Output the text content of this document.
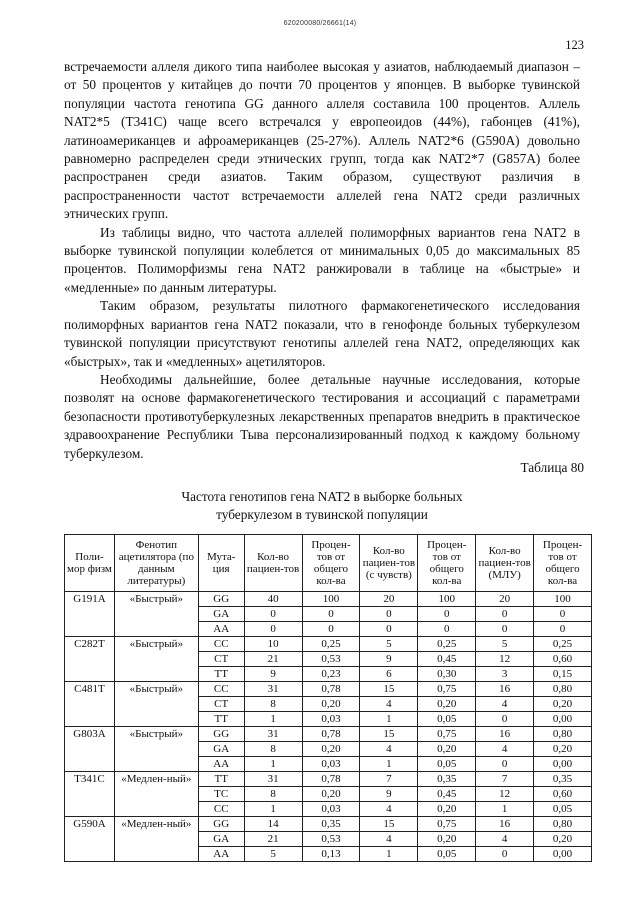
620200080/26661(14)
123

встречаемости аллеля дикого типа наиболее высокая у азиатов, наблюдаемый диапазон – от 50 процентов у китайцев до почти 70 процентов у японцев. В выборке тувинской популяции частота генотипа GG данного аллеля составила 100 процентов. Аллель NAT2*5 (T341C) чаще всего встречался у европеоидов (44%), габонцев (41%), латиноамериканцев и афроамериканцев (25-27%). Аллель NAT2*6 (G590A) довольно равномерно распределен среди этнических групп, тогда как NAT2*7 (G857A) более распространен среди азиатов. Таким образом, существуют различия в распространенности частот встречаемости аллелей гена NAT2 среди различных этнических групп.

Из таблицы видно, что частота аллелей полиморфных вариантов гена NAT2 в выборке тувинской популяции колеблется от минимальных 0,05 до максимальных 85 процентов. Полиморфизмы гена NAT2 ранжировали в таблице на «быстрые» и «медленные» по данным литературы.

Таким образом, результаты пилотного фармакогенетического исследования полиморфных вариантов гена NAT2 показали, что в генофонде больных туберкулезом тувинской популяции присутствуют генотипы аллелей гена NAT2, определяющих как «быстрых», так и «медленных» ацетиляторов.

Необходимы дальнейшие, более детальные научные исследования, которые позволят на основе фармакогенетического тестирования и ассоциаций с параметрами безопасности противотуберкулезных лекарственных препаратов внедрить в практическое здравоохранение Республики Тыва персонализированный подход к каждому больному туберкулезом.

Таблица 80
Частота генотипов гена NAT2 в выборке больных
туберкулезом в тувинской популяции
Поли-мор физм	Фенотип ацетилятора (по данным литературы)	Мута-ция	Кол-во пациен-тов	Процен-тов от общего кол-ва	Кол-во пациен-тов (с чувств)	Процен-тов от общего кол-ва	Кол-во пациен-тов (МЛУ)	Процен-тов от общего кол-ва
G191A	«Быстрый»	GG	40	100	20	100	20	100
		GA	0	0	0	0	0	0
		AA	0	0	0	0	0	0
C282T	«Быстрый»	CC	10	0,25	5	0,25	5	0,25
		CT	21	0,53	9	0,45	12	0,60
		TT	9	0,23	6	0,30	3	0,15
C481T	«Быстрый»	CC	31	0,78	15	0,75	16	0,80
		CT	8	0,20	4	0,20	4	0,20
		TT	1	0,03	1	0,05	0	0,00
G803A	«Быстрый»	GG	31	0,78	15	0,75	16	0,80
		GA	8	0,20	4	0,20	4	0,20
		AA	1	0,03	1	0,05	0	0,00
T341C	«Медлен-ный»	TT	31	0,78	7	0,35	7	0,35
		TC	8	0,20	9	0,45	12	0,60
		CC	1	0,03	4	0,20	1	0,05
G590A	«Медлен-ный»	GG	14	0,35	15	0,75	16	0,80
		GA	21	0,53	4	0,20	4	0,20
		AA	5	0,13	1	0,05	0	0,00
